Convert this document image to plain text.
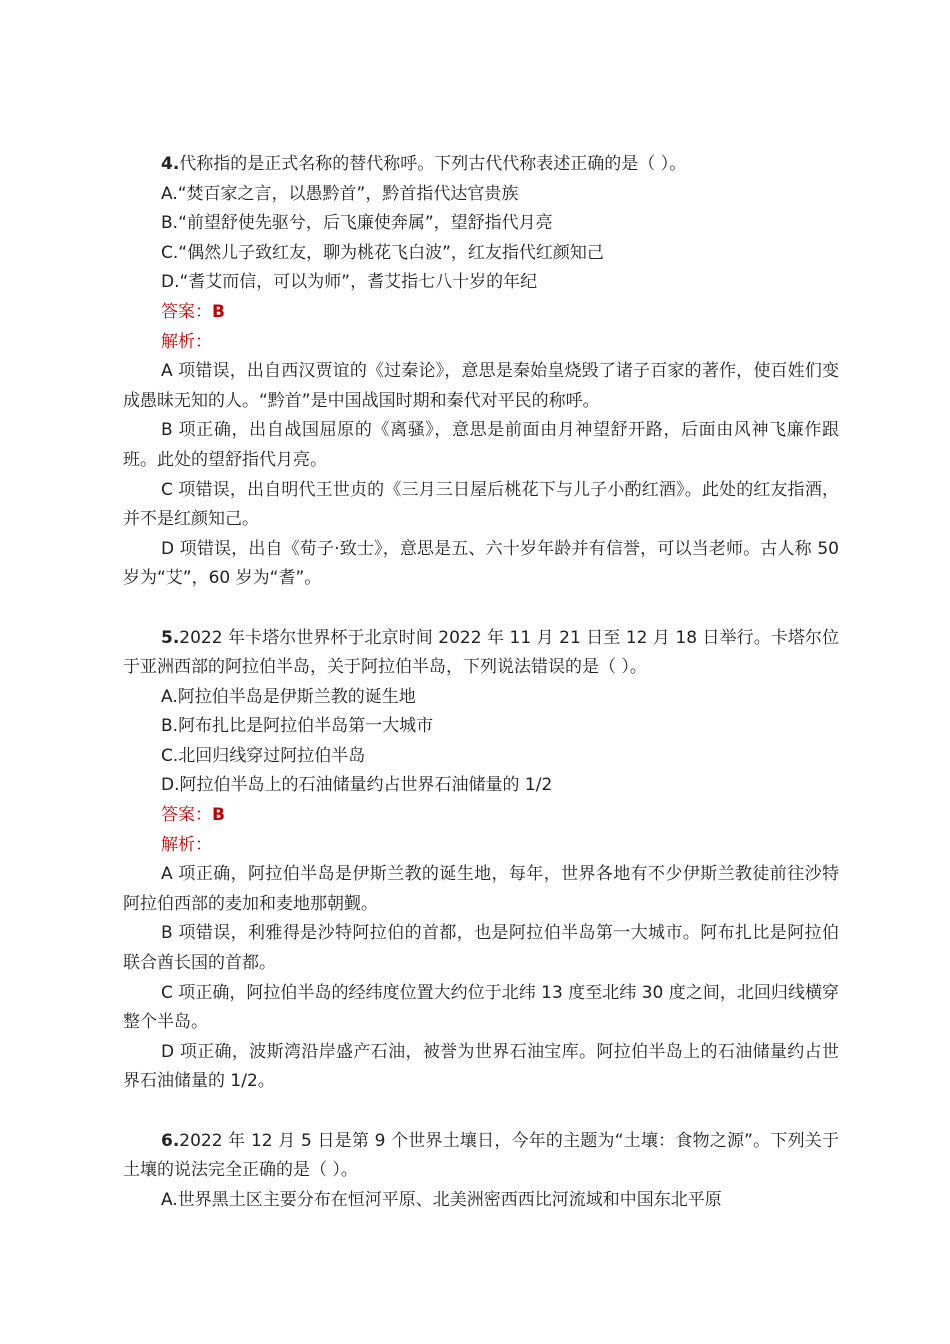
4.代称指的是正式名称的替代称呼。下列古代代称表述正确的是（ ）。

A.“焚百家之言，以愚黔首”，黔首指代达官贵族

B.“前望舒使先驱兮，后飞廉使奔属”，望舒指代月亮

C.“偶然儿子致红友，聊为桃花飞白波”，红友指代红颜知己

D.“耆艾而信，可以为师”，耆艾指七八十岁的年纪

答案：B

解析：

A 项错误，出自西汉贾谊的《过秦论》，意思是秦始皇烧毁了诸子百家的著作，使百姓们变成愚昧无知的人。“黔首”是中国战国时期和秦代对平民的称呼。

B 项正确，出自战国屈原的《离骚》，意思是前面由月神望舒开路，后面由风神飞廉作跟班。此处的望舒指代月亮。

C 项错误，出自明代王世贞的《三月三日屋后桃花下与儿子小酌红酒》。此处的红友指酒，并不是红颜知己。

D 项错误，出自《荀子·致士》，意思是五、六十岁年龄并有信誉，可以当老师。古人称 50 岁为“艾”，60 岁为“耆”。

5.2022 年卡塔尔世界杯于北京时间 2022 年 11 月 21 日至 12 月 18 日举行。卡塔尔位于亚洲西部的阿拉伯半岛，关于阿拉伯半岛，下列说法错误的是（ ）。

A.阿拉伯半岛是伊斯兰教的诞生地

B.阿布扎比是阿拉伯半岛第一大城市

C.北回归线穿过阿拉伯半岛

D.阿拉伯半岛上的石油储量约占世界石油储量的 1/2

答案：B

解析：

A 项正确，阿拉伯半岛是伊斯兰教的诞生地，每年，世界各地有不少伊斯兰教徒前往沙特阿拉伯西部的麦加和麦地那朝觐。

B 项错误，利雅得是沙特阿拉伯的首都，也是阿拉伯半岛第一大城市。阿布扎比是阿拉伯联合酋长国的首都。

C 项正确，阿拉伯半岛的经纬度位置大约位于北纬 13 度至北纬 30 度之间，北回归线横穿整个半岛。

D 项正确，波斯湾沿岸盛产石油，被誉为世界石油宝库。阿拉伯半岛上的石油储量约占世界石油储量的 1/2。

6.2022 年 12 月 5 日是第 9 个世界土壤日，今年的主题为“土壤：食物之源”。下列关于土壤的说法完全正确的是（ ）。

A.世界黑土区主要分布在恒河平原、北美洲密西西比河流域和中国东北平原
